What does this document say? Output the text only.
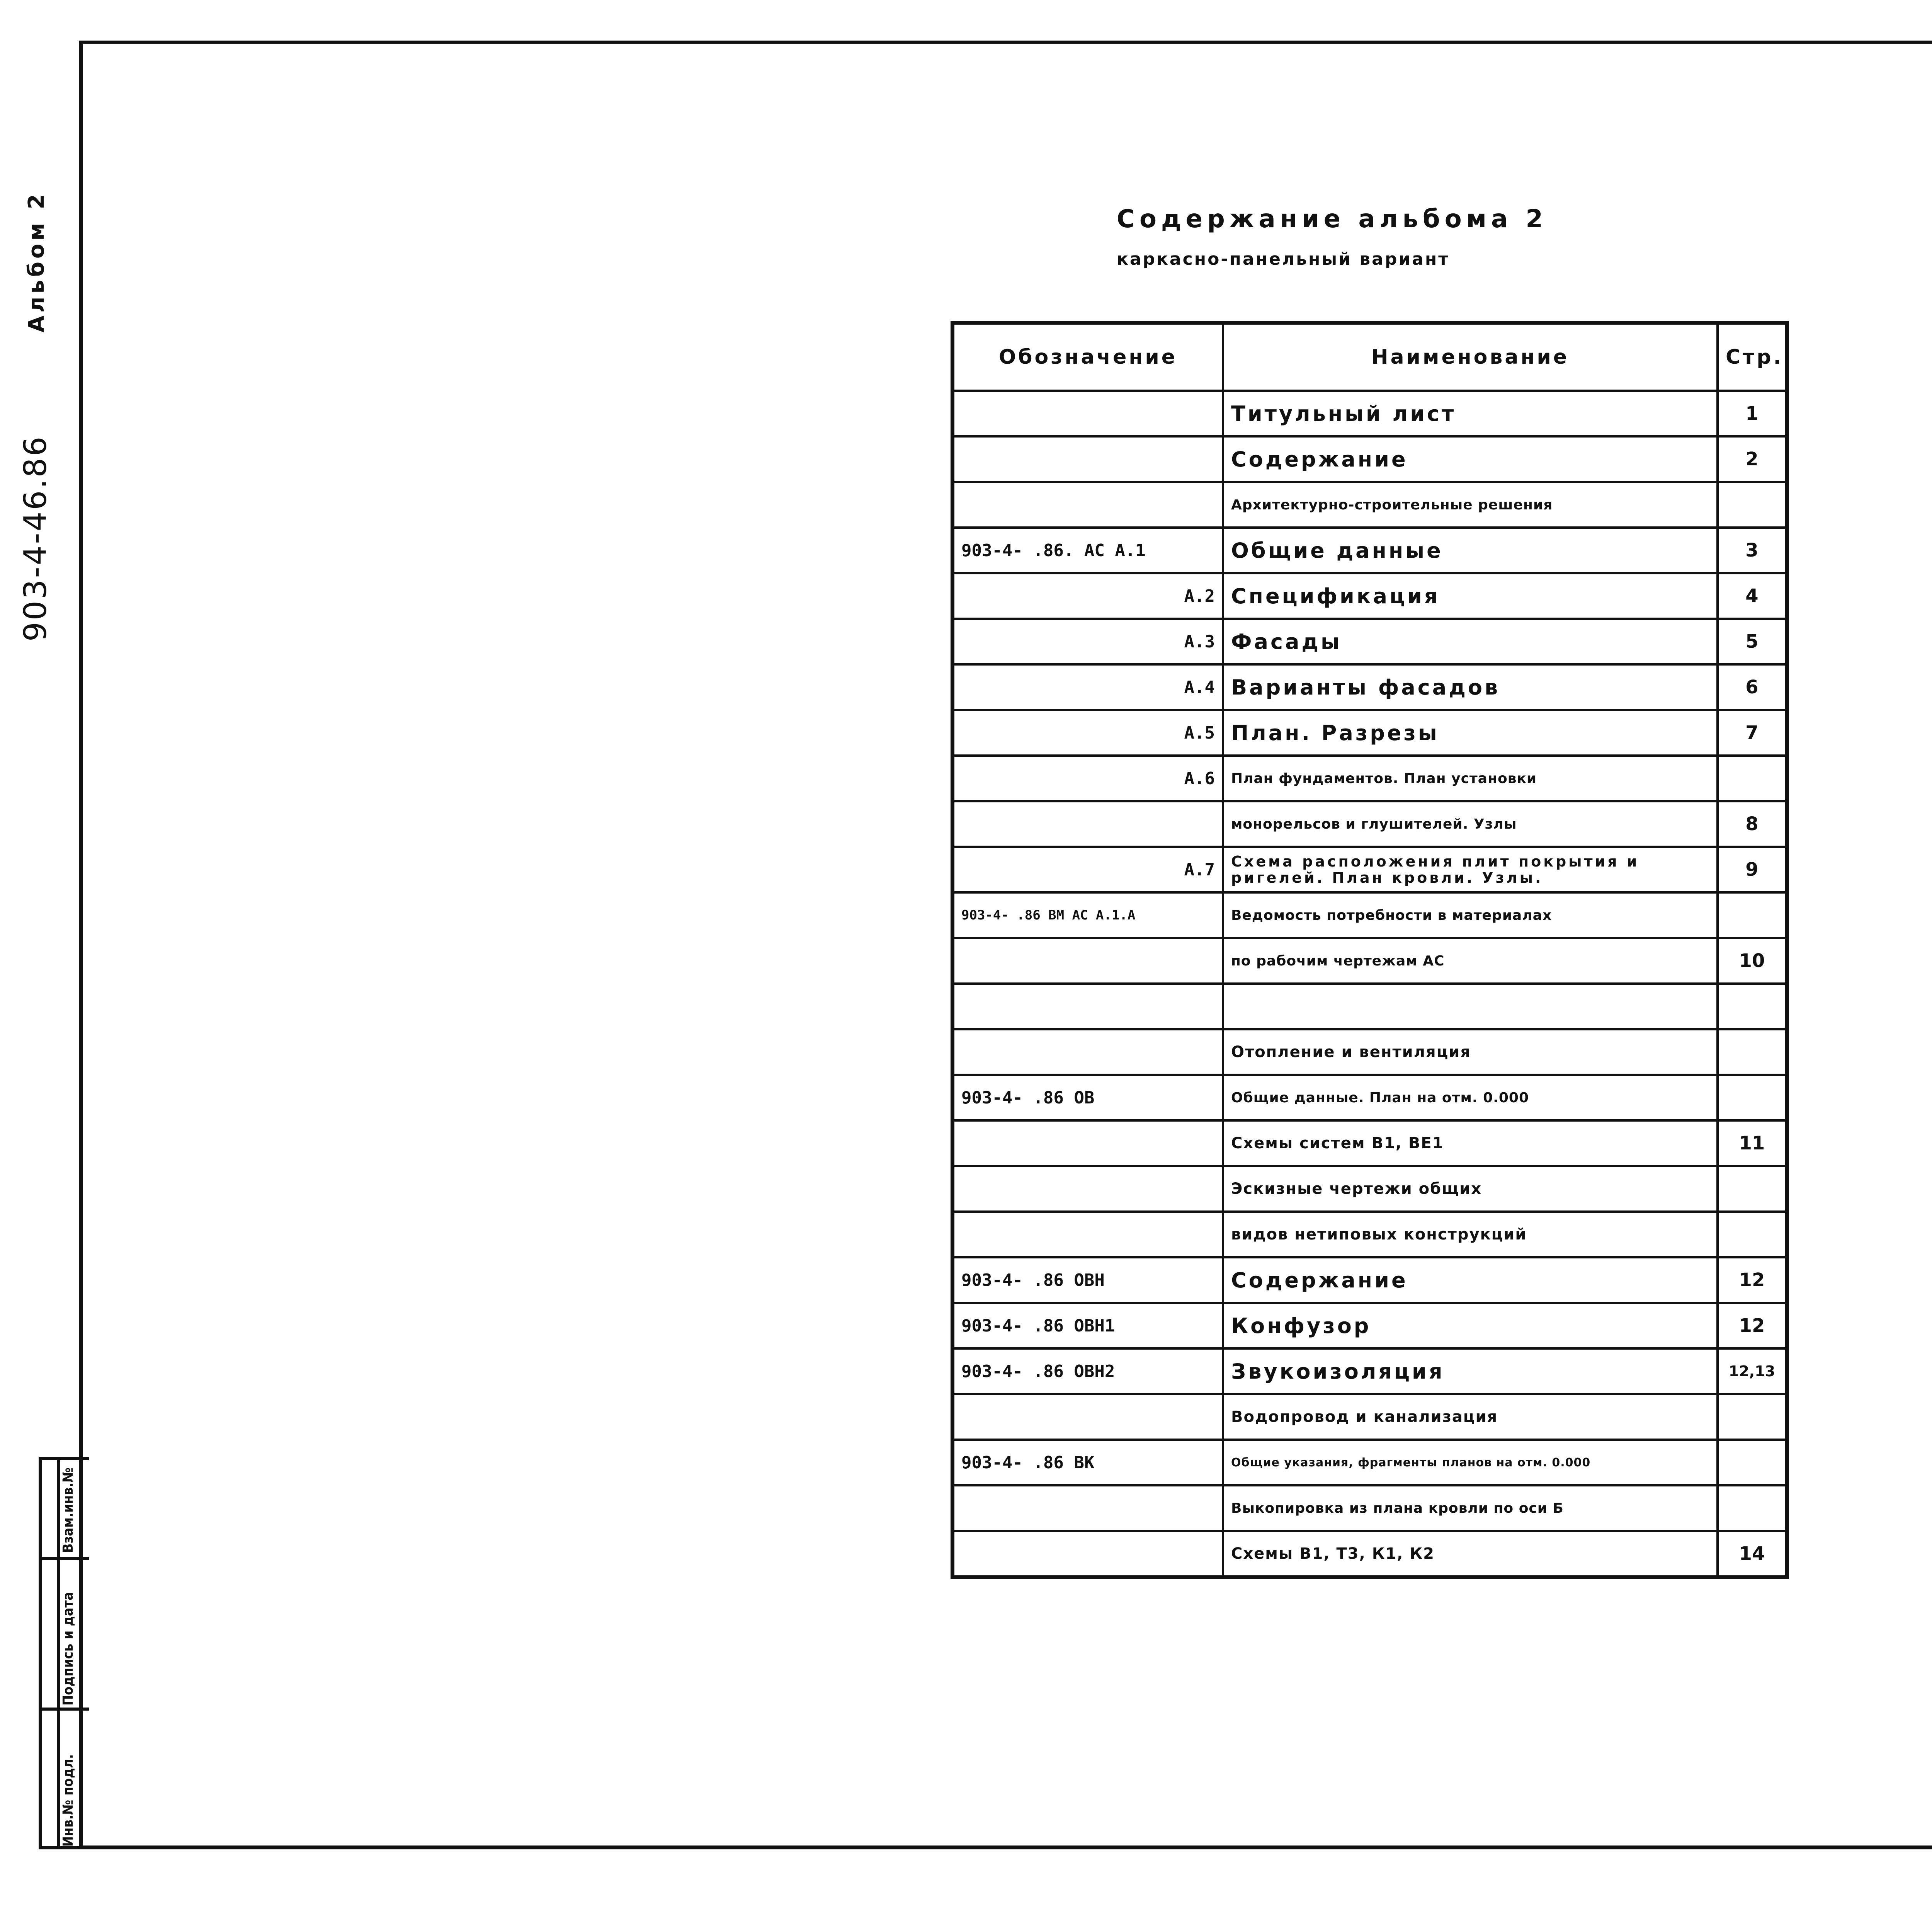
903-4-46.86
Альбом 2
Инв.№ подл.
Подпись и дата
Взам.инв.№
Содержание альбома 2
каркасно-панельный вариант
Обозначение	Наименование	Стр.
	Титульный лист	1
	Содержание	2
	Архитектурно-строительные решения	
903-4- .86. АС А.1	Общие данные	3
А.2	Спецификация	4
А.3	Фасады	5
А.4	Варианты фасадов	6
А.5	План. Разрезы	7
А.6	План фундаментов. План установки	
	монорельсов и глушителей. Узлы	8
А.7	Схема расположения плит покрытия и ригелей. План кровли. Узлы.	9
903-4- .86 ВМ АС А.1.А	Ведомость потребности в материалах	
	по рабочим чертежам АС	10

	Отопление и вентиляция	
903-4- .86 ОВ	Общие данные. План на отм. 0.000	
	Схемы систем В1, ВЕ1	11
	Эскизные чертежи общих	
	видов нетиповых конструкций	
903-4- .86 ОВН	Содержание	12
903-4- .86 ОВН1	Конфузор	12
903-4- .86 ОВН2	Звукоизоляция	12,13
	Водопровод и канализация	
903-4- .86 ВК	Общие указания, фрагменты планов на отм. 0.000	
	Выкопировка из плана кровли по оси Б	
	Схемы В1, Т3, К1, К2	14
